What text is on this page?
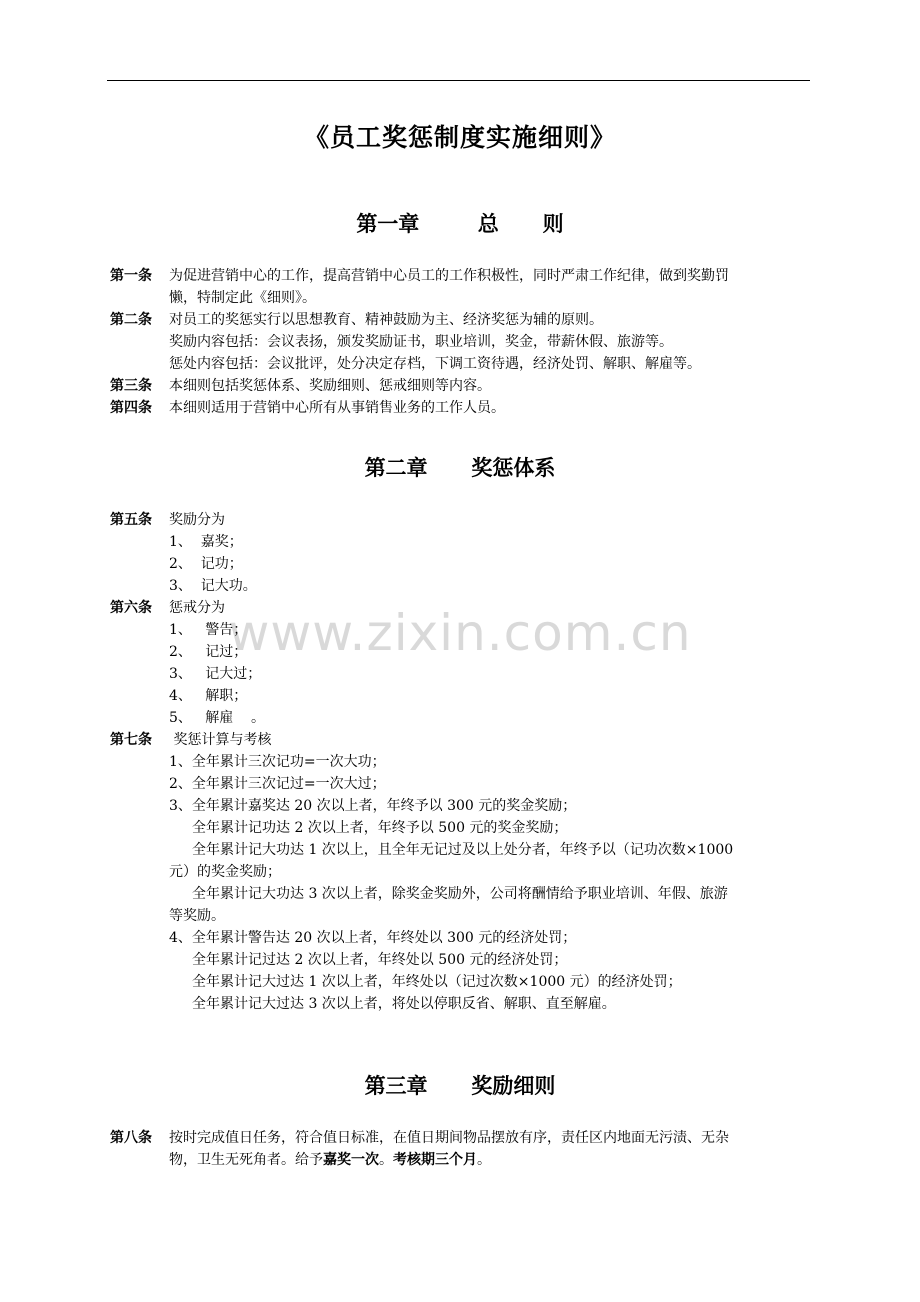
《员工奖惩制度实施细则》
www.zixin.com.cn
第一章        总      则
第一条 为促进营销中心的工作，提高营销中心员工的工作积极性，同时严肃工作纪律，做到奖勤罚
懒，特制定此《细则》。
第二条 对员工的奖惩实行以思想教育、精神鼓励为主、经济奖惩为辅的原则。
奖励内容包括：会议表扬，颁发奖励证书，职业培训，奖金，带薪休假、旅游等。
惩处内容包括：会议批评，处分决定存档，下调工资待遇，经济处罚、解职、解雇等。
第三条 本细则包括奖惩体系、奖励细则、惩戒细则等内容。
第四条 本细则适用于营销中心所有从事销售业务的工作人员。
第二章      奖惩体系
第五条 奖励分为
1、  嘉奖；
2、  记功；
3、  记大功。
第六条 惩戒分为
1、   警告；
2、   记过；
3、   记大过；
4、   解职；
5、   解雇    。
第七条 奖惩计算与考核
1、全年累计三次记功=一次大功；
2、全年累计三次记过=一次大过；
3、全年累计嘉奖达 20 次以上者，年终予以 300 元的奖金奖励；
全年累计记功达 2 次以上者，年终予以 500 元的奖金奖励；
全年累计记大功达 1 次以上，且全年无记过及以上处分者，年终予以（记功次数×1000
元）的奖金奖励；
全年累计记大功达 3 次以上者，除奖金奖励外，公司将酬情给予职业培训、年假、旅游
等奖励。
4、全年累计警告达 20 次以上者，年终处以 300 元的经济处罚；
全年累计记过达 2 次以上者，年终处以 500 元的经济处罚；
全年累计记大过达 1 次以上者，年终处以（记过次数×1000 元）的经济处罚；
全年累计记大过达 3 次以上者，将处以停职反省、解职、直至解雇。
第三章      奖励细则
第八条 按时完成值日任务，符合值日标准，在值日期间物品摆放有序，责任区内地面无污渍、无杂
物，卫生无死角者。给予嘉奖一次。考核期三个月。
